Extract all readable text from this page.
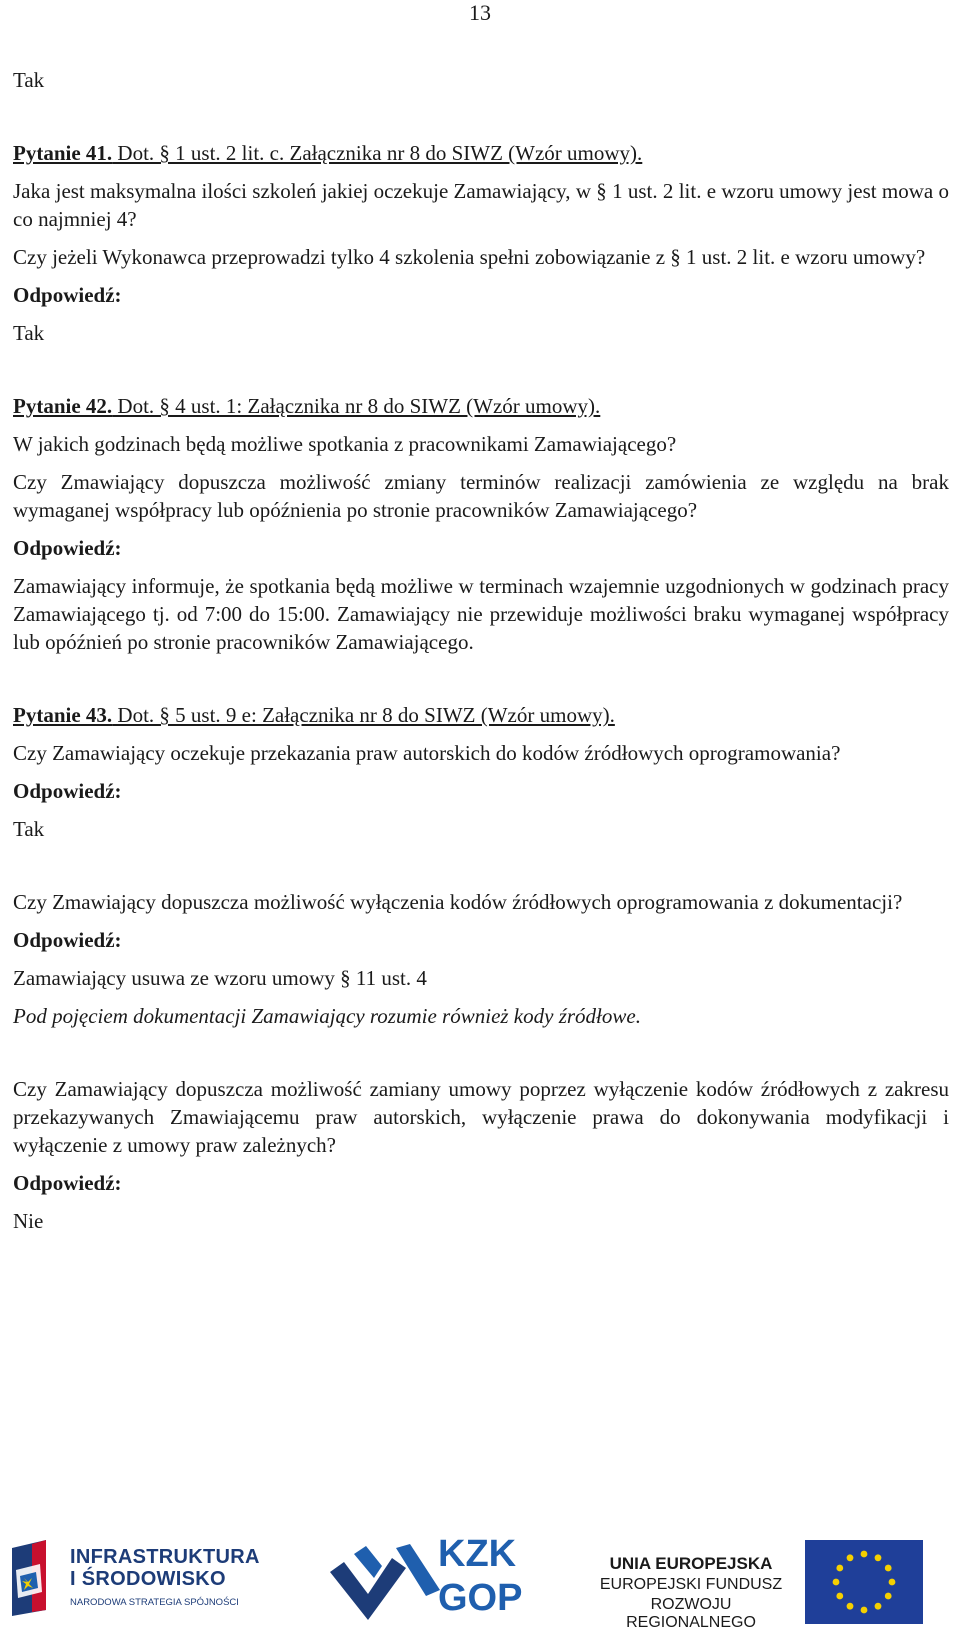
13

Tak

Pytanie 41. Dot. § 1 ust. 2 lit. c. Załącznika nr 8 do SIWZ (Wzór umowy).

Jaka jest maksymalna ilości szkoleń jakiej oczekuje Zamawiający, w § 1 ust. 2 lit. e wzoru umowy jest mowa o co najmniej 4?

Czy jeżeli Wykonawca przeprowadzi tylko 4 szkolenia spełni zobowiązanie z § 1 ust. 2 lit. e wzoru umowy?

Odpowiedź:

Tak

Pytanie 42. Dot. § 4 ust. 1: Załącznika nr 8 do SIWZ (Wzór umowy).

W jakich godzinach będą możliwe spotkania z pracownikami Zamawiającego?

Czy Zmawiający dopuszcza możliwość zmiany terminów realizacji zamówienia ze względu na brak wymaganej współpracy lub opóźnienia po stronie pracowników Zamawiającego?

Odpowiedź:

Zamawiający informuje, że spotkania będą możliwe w terminach wzajemnie uzgodnionych w godzinach pracy Zamawiającego tj. od 7:00 do 15:00. Zamawiający nie przewiduje możliwości braku wymaganej współpracy lub opóźnień po stronie pracowników Zamawiającego.

Pytanie 43. Dot. § 5 ust. 9 e: Załącznika nr 8 do SIWZ (Wzór umowy).

Czy Zamawiający oczekuje przekazania praw autorskich do kodów źródłowych oprogramowania?

Odpowiedź:

Tak

Czy Zmawiający dopuszcza możliwość wyłączenia kodów źródłowych oprogramowania z dokumentacji?

Odpowiedź:

Zamawiający usuwa ze wzoru umowy § 11 ust. 4

Pod pojęciem dokumentacji Zamawiający rozumie również kody źródłowe.

Czy Zamawiający dopuszcza możliwość zamiany umowy poprzez wyłączenie kodów źródłowych z zakresu przekazywanych Zmawiającemu praw autorskich, wyłączenie prawa do dokonywania modyfikacji i wyłączenie z umowy praw zależnych?

Odpowiedź:

Nie

INFRASTRUKTURA
I ŚRODOWISKO
NARODOWA STRATEGIA SPÓJNOŚCI
KZK
GOP
UNIA EUROPEJSKA
EUROPEJSKI FUNDUSZ
ROZWOJU REGIONALNEGO
